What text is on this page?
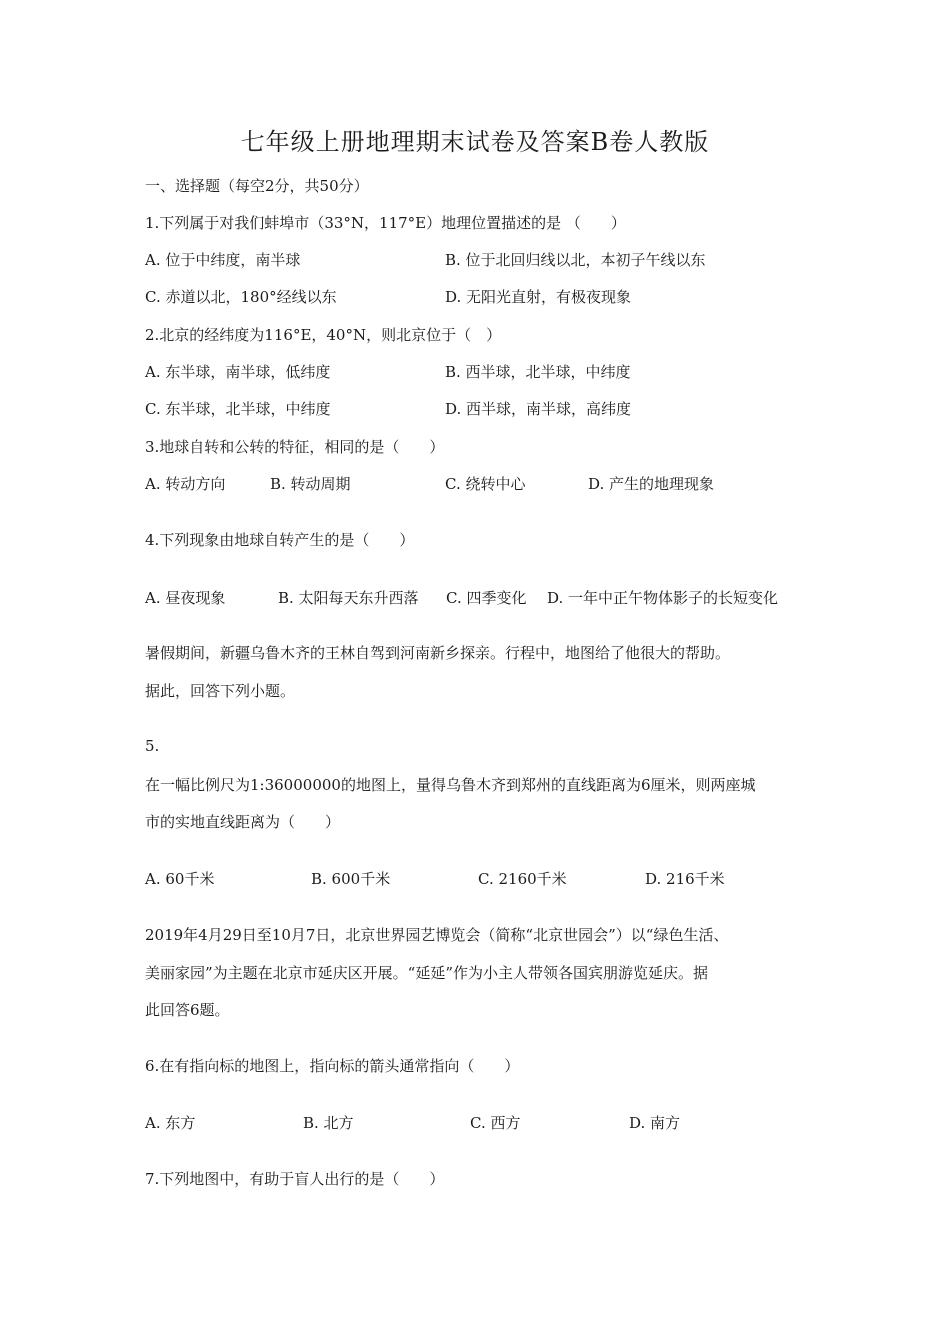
七年级上册地理期末试卷及答案B卷人教版
一、选择题（每空2分，共50分）
1.下列属于对我们蚌埠市（33°N，117°E）地理位置描述的是 （　　）
A. 位于中纬度，南半球	B. 位于北回归线以北，本初子午线以东
C. 赤道以北，180°经线以东	D. 无阳光直射，有极夜现象
2.北京的经纬度为116°E，40°N，则北京位于（　）
A. 东半球，南半球，低纬度	B. 西半球，北半球，中纬度
C. 东半球，北半球，中纬度	D. 西半球，南半球，高纬度
3.地球自转和公转的特征，相同的是（　　）
A. 转动方向	B. 转动周期	C. 绕转中心	D. 产生的地理现象
4.下列现象由地球自转产生的是（　　）
A. 昼夜现象	B. 太阳每天东升西落 C. 四季变化 D. 一年中正午物体影子的长短变化
暑假期间，新疆乌鲁木齐的王林自驾到河南新乡探亲。行程中，地图给了他很大的帮助。
据此，回答下列小题。
5.
在一幅比例尺为1:36000000的地图上，量得乌鲁木齐到郑州的直线距离为6厘米，则两座城
市的实地直线距离为（　　）
A. 60千米	B. 600千米	C. 2160千米	D. 216千米
2019年4月29日至10月7日，北京世界园艺博览会（简称“北京世园会”）以“绿色生活、
美丽家园”为主题在北京市延庆区开展。“延延”作为小主人带领各国宾朋游览延庆。据
此回答6题。
6.在有指向标的地图上，指向标的箭头通常指向（　　）
A. 东方	B. 北方	C. 西方	D. 南方
7.下列地图中，有助于盲人出行的是（　　）
